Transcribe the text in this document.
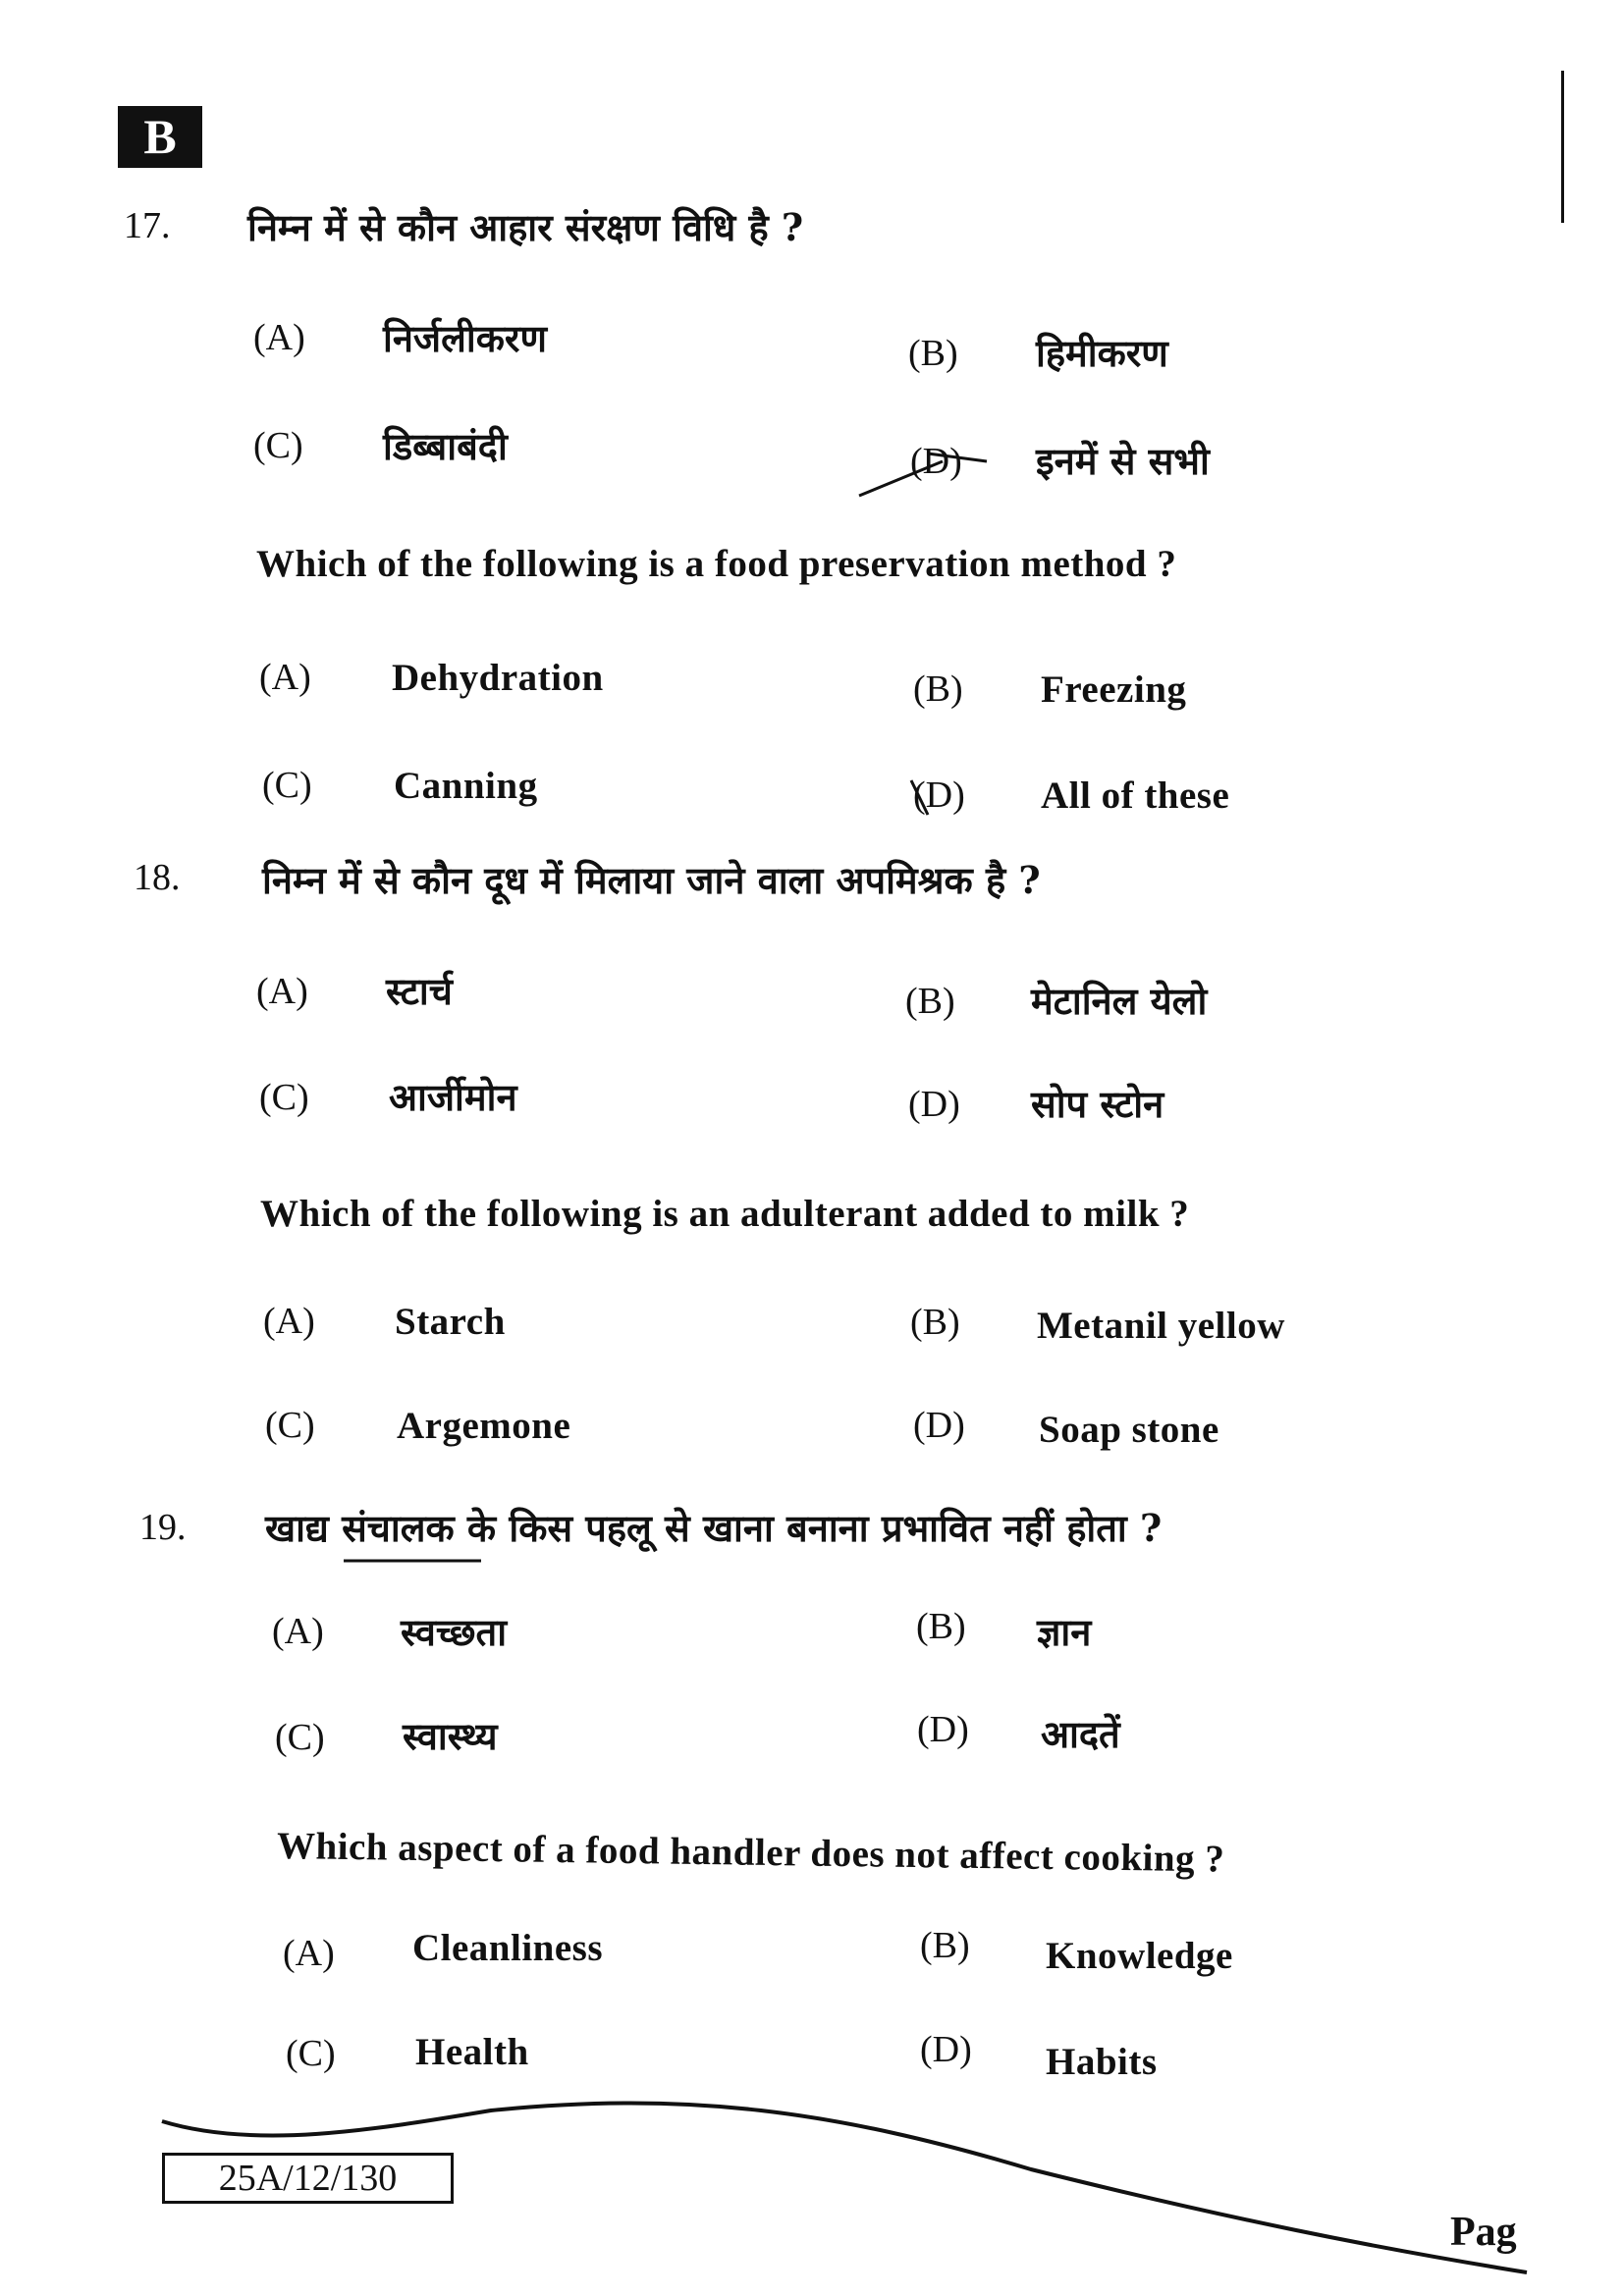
B
17. निम्न में से कौन आहार संरक्षण विधि है ?
(A) निर्जलीकरण	(B) हिमीकरण
(C) डिब्बाबंदी	(D) इनमें से सभी
Which of the following is a food preservation method ?
(A) Dehydration	(B) Freezing
(C) Canning	(D) All of these
18. निम्न में से कौन दूध में मिलाया जाने वाला अपमिश्रक है ?
(A) स्टार्च	(B) मेटानिल येलो
(C) आर्जीमोन	(D) सोप स्टोन
Which of the following is an adulterant added to milk ?
(A) Starch	(B) Metanil yellow
(C) Argemone	(D) Soap stone
19. खाद्य संचालक के किस पहलू से खाना बनाना प्रभावित नहीं होता ?
(A) स्वच्छता	(B) ज्ञान
(C) स्वास्थ्य	(D) आदतें
Which aspect of a food handler does not affect cooking ?
(A) Cleanliness	(B) Knowledge
(C) Health	(D) Habits
25A/12/130
Pag
